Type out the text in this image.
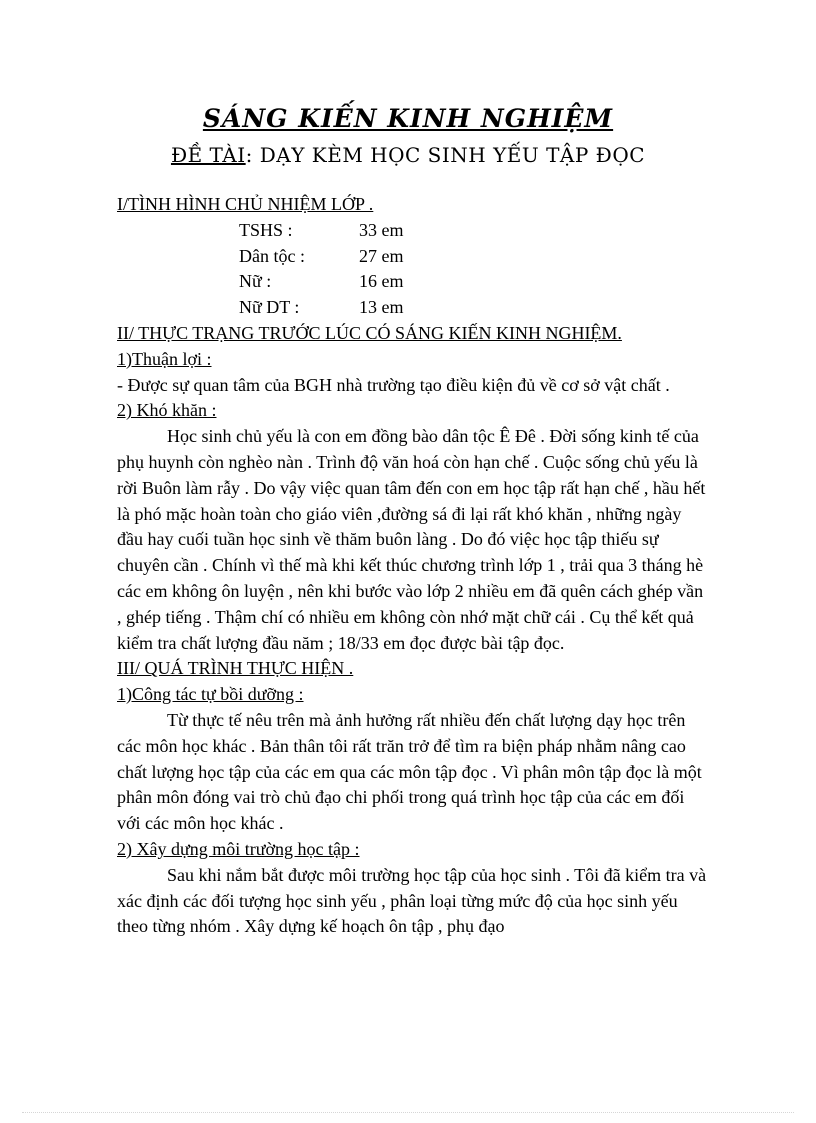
SÁNG KIẾN KINH NGHIỆM
ĐỀ TÀI: DẠY KÈM HỌC SINH YẾU TẬP ĐỌC

I/TÌNH HÌNH CHỦ NHIỆM LỚP .

TSHS :	33 em
Dân tộc :	27 em
Nữ :	16 em
Nữ DT :	13 em

II/ THỰC TRẠNG TRƯỚC LÚC CÓ SÁNG KIẾN KINH NGHIỆM.

1)Thuận lợi :

- Được sự quan tâm của BGH nhà trường tạo điều kiện đủ về cơ sở vật chất .

2) Khó khăn :

Học sinh chủ yếu là con em đồng bào dân tộc Ê Đê . Đời sống kinh tế của phụ huynh còn nghèo nàn . Trình độ văn hoá còn hạn chế . Cuộc sống chủ yếu là rời Buôn làm rẫy . Do vậy việc quan tâm đến con em học tập rất hạn chế , hầu hết là phó mặc hoàn toàn cho giáo viên ,đường sá đi lại rất khó khăn , những ngày đầu hay cuối tuần học sinh về thăm buôn làng . Do đó việc học tập thiếu sự chuyên cần . Chính vì thế mà khi kết thúc chương trình lớp 1 , trải qua 3 tháng hè các em không ôn luyện , nên khi bước vào lớp 2 nhiều em đã quên cách ghép vần , ghép tiếng . Thậm chí có nhiều em không còn nhớ mặt chữ cái . Cụ thể kết quả kiểm tra chất lượng đầu năm ; 18/33 em đọc được bài tập đọc.

III/ QUÁ TRÌNH THỰC HIỆN .

1)Công tác tự bồi dưỡng :

Từ thực tế nêu trên mà ảnh hưởng rất nhiều đến chất lượng dạy học trên các môn học khác . Bản thân tôi rất trăn trở để tìm ra biện pháp nhằm nâng cao chất lượng học tập của các em qua các môn tập đọc . Vì phân môn tập đọc là một phân môn đóng vai trò chủ đạo chi phối trong quá trình học tập của các em đối với các môn học khác .

2) Xây dựng môi trường học tập :

Sau khi nắm bắt được môi trường học tập của học sinh . Tôi đã kiểm tra và xác định các đối tượng học sinh yếu , phân loại từng mức độ của học sinh yếu theo từng nhóm . Xây dựng kế hoạch ôn tập , phụ đạo
